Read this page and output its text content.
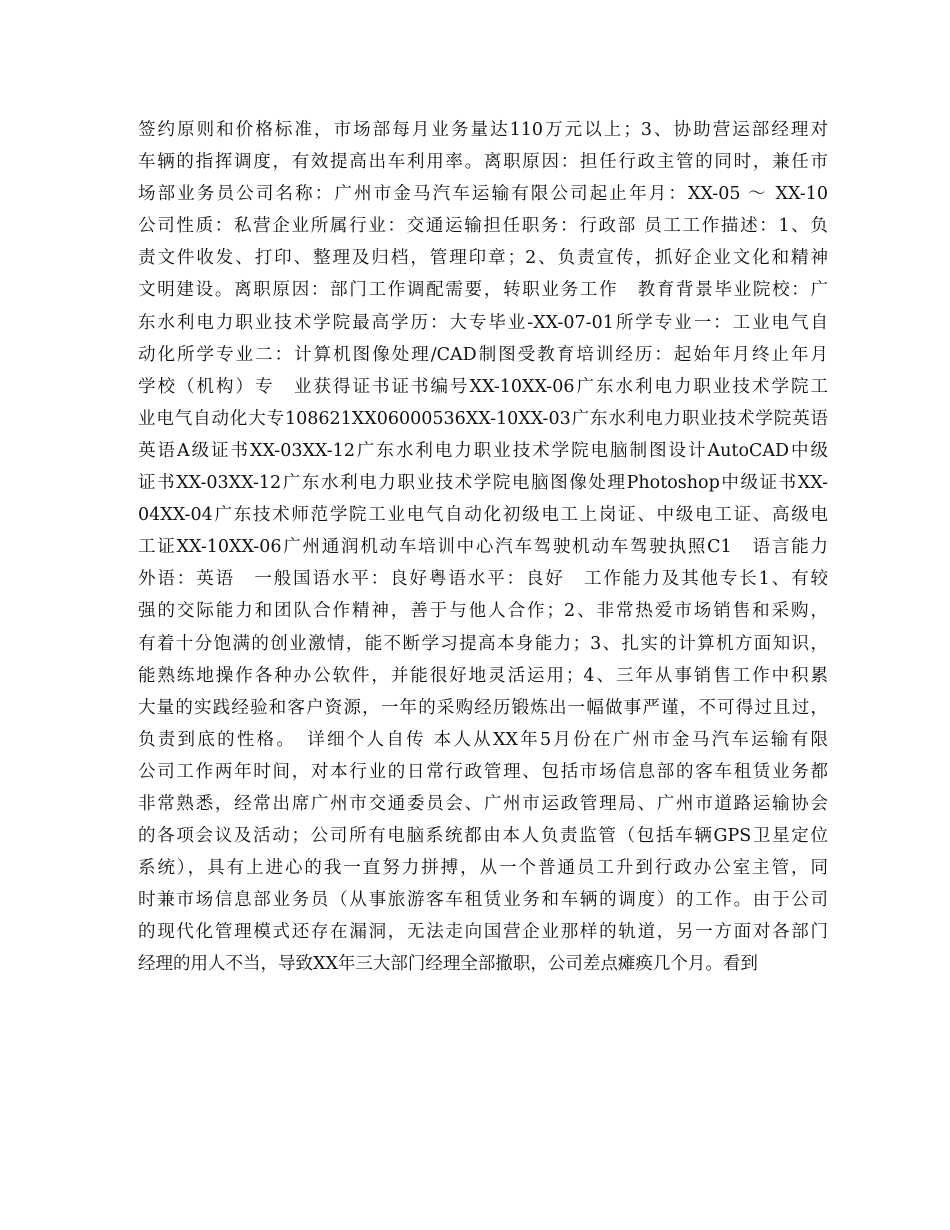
签约原则和价格标准，市场部每月业务量达110万元以上；3、协助营运部经理对
车辆的指挥调度，有效提高出车利用率。离职原因：担任行政主管的同时，兼任市
场部业务员公司名称：广州市金马汽车运输有限公司起止年月：XX-05 ～ XX-10
公司性质：私营企业所属行业：交通运输担任职务：行政部 员工工作描述：1、负
责文件收发、打印、整理及归档，管理印章；2、负责宣传，抓好企业文化和精神
文明建设。离职原因：部门工作调配需要，转职业务工作　教育背景毕业院校：广
东水利电力职业技术学院最高学历：大专毕业-XX-07-01所学专业一：工业电气自
动化所学专业二：计算机图像处理/CAD制图受教育培训经历：起始年月终止年月
学校（机构）专　业获得证书证书编号XX-10XX-06广东水利电力职业技术学院工
业电气自动化大专108621XX06000536XX-10XX-03广东水利电力职业技术学院英语
英语A级证书XX-03XX-12广东水利电力职业技术学院电脑制图设计AutoCAD中级
证书XX-03XX-12广东水利电力职业技术学院电脑图像处理Photoshop中级证书XX-
04XX-04广东技术师范学院工业电气自动化初级电工上岗证、中级电工证、高级电
工证XX-10XX-06广州通润机动车培训中心汽车驾驶机动车驾驶执照C1　语言能力
外语：英语　一般国语水平：良好粤语水平：良好　工作能力及其他专长1、有较
强的交际能力和团队合作精神，善于与他人合作；2、非常热爱市场销售和采购，
有着十分饱满的创业激情，能不断学习提高本身能力；3、扎实的计算机方面知识，
能熟练地操作各种办公软件，并能很好地灵活运用；4、三年从事销售工作中积累
大量的实践经验和客户资源，一年的采购经历锻炼出一幅做事严谨，不可得过且过，
负责到底的性格。　详细个人自传 本人从XX年5月份在广州市金马汽车运输有限
公司工作两年时间，对本行业的日常行政管理、包括市场信息部的客车租赁业务都
非常熟悉，经常出席广州市交通委员会、广州市运政管理局、广州市道路运输协会
的各项会议及活动；公司所有电脑系统都由本人负责监管（包括车辆GPS卫星定位
系统），具有上进心的我一直努力拼搏，从一个普通员工升到行政办公室主管，同
时兼市场信息部业务员（从事旅游客车租赁业务和车辆的调度）的工作。由于公司
的现代化管理模式还存在漏洞，无法走向国营企业那样的轨道，另一方面对各部门
经理的用人不当，导致XX年三大部门经理全部撤职，公司差点瘫痪几个月。看到
